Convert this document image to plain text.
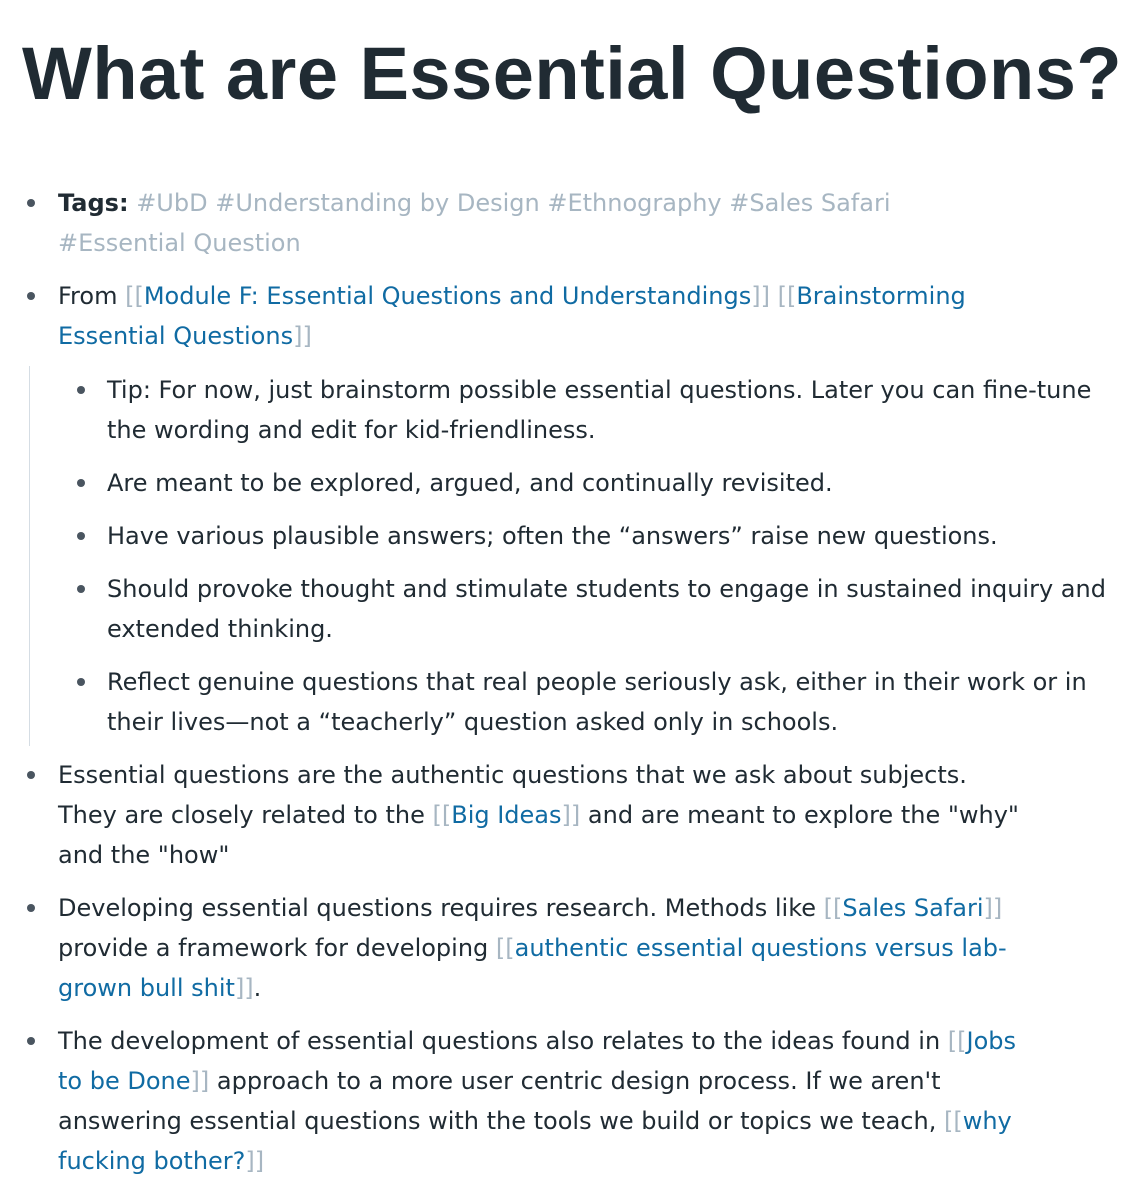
What are Essential Questions?

Tags: #UbD #Understanding by Design #Ethnography #Sales Safari #Essential Question

From [[Module F: Essential Questions and Understandings]] [[Brainstorming Essential Questions]]

Tip: For now, just brainstorm possible essential questions. Later you can fine-tune the wording and edit for kid-friendliness.

Are meant to be explored, argued, and continually revisited.

Have various plausible answers; often the “answers” raise new questions.

Should provoke thought and stimulate students to engage in sustained inquiry and extended thinking.

Reflect genuine questions that real people seriously ask, either in their work or in their lives—not a “teacherly” question asked only in schools.

Essential questions are the authentic questions that we ask about subjects. They are closely related to the [[Big Ideas]] and are meant to explore the "why" and the "how"

Developing essential questions requires research. Methods like [[Sales Safari]] provide a framework for developing [[authentic essential questions versus lab-grown bull shit]].

The development of essential questions also relates to the ideas found in [[Jobs to be Done]] approach to a more user centric design process. If we aren't answering essential questions with the tools we build or topics we teach, [[why fucking bother?]]
